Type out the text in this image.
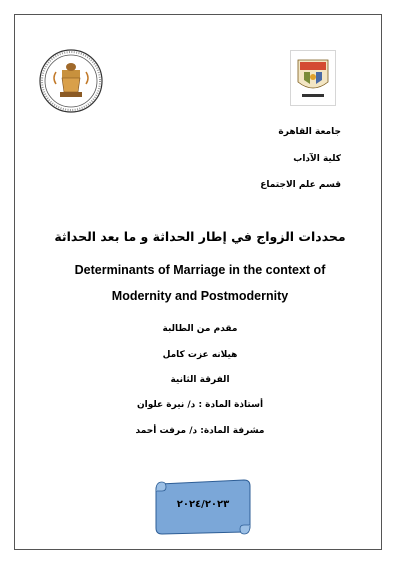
جامعة القاهرة
كلية الآداب
قسم علم الاجتماع
محددات الزواج في إطار الحداثة و ما بعد الحداثة
Determinants of Marriage in the context of
Modernity and Postmodernity
مقدم من الطالبة
هيلانه عزت كامل
الفرقة الثانية
أستاذة المادة : د/ نيرة علوان
مشرفة المادة: د/ مرفت أحمد
٢٠٢٤/٢٠٢٣
